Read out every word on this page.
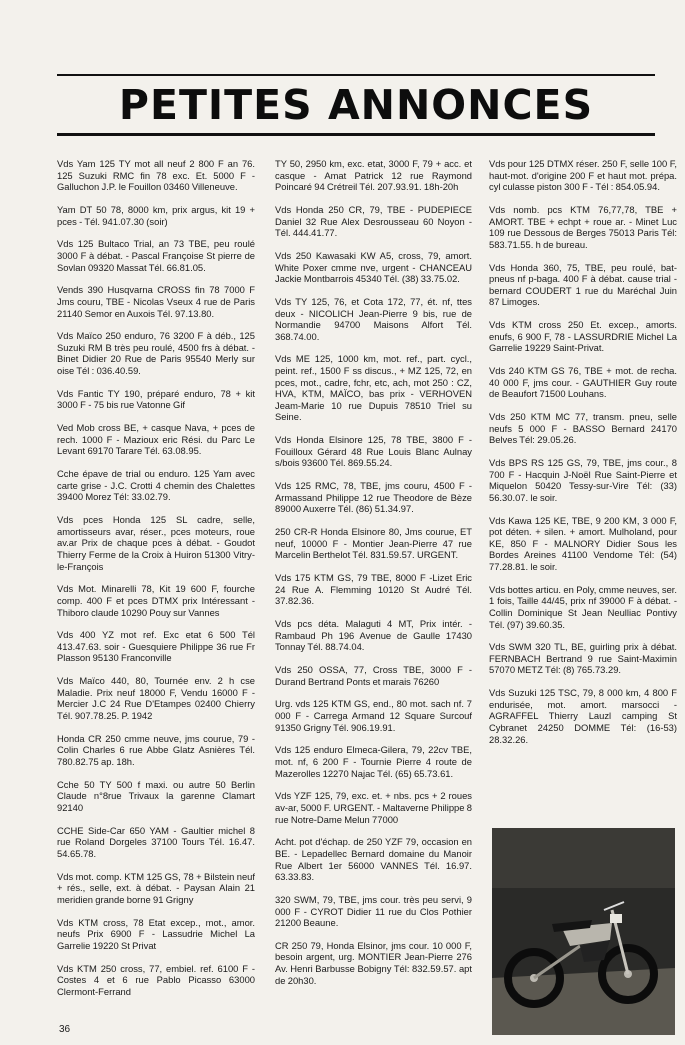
PETITES ANNONCES

Vds Yam 125 TY mot all neuf 2 800 F an 76. 125 Suzuki RMC fin 78 exc. Et. 5000 F - Galluchon J.P. le Fouillon 03460 Villeneuve.

Yam DT 50 78, 8000 km, prix argus, kit 19 + pces - Tél. 941.07.30 (soir)

Vds 125 Bultaco Trial, an 73 TBE, peu roulé 3000 F à débat. - Pascal Françoise St pierre de Sovlan 09320 Massat Tél. 66.81.05.

Vends 390 Husqvarna CROSS fin 78 7000 F Jms couru, TBE - Nicolas Vseux 4 rue de Paris 21140 Semor en Auxois Tél. 97.13.80.

Vds Maïco 250 enduro, 76 3200 F à déb., 125 Suzuki RM B très peu roulé, 4500 frs à débat. - Binet Didier 20 Rue de Paris 95540 Merly sur oise Tél : 036.40.59.

Vds Fantic TY 190, préparé enduro, 78 + kit 3000 F - 75 bis rue Vatonne Gif

Ved Mob cross BE, + casque Nava, + pces de rech. 1000 F - Mazioux eric Rési. du Parc Le Levant 69170 Tarare Tél. 63.08.95.

Cche épave de trial ou enduro. 125 Yam avec carte grise - J.C. Crotti 4 chemin des Chalettes 39400 Morez Tél: 33.02.79.

Vds pces Honda 125 SL cadre, selle, amortisseurs avar, réser., pces moteurs, roue av.ar Prix de chaque pces à débat. - Goudot Thierry Ferme de la Croix à Huiron 51300 Vitry-le-François

Vds Mot. Minarelli 78, Kit 19 600 F, fourche comp. 400 F et pces DTMX prix Intéressant - Thiboro claude 10290 Pouy sur Vannes

Vds 400 YZ mot ref. Exc etat 6 500 Tél 413.47.63. soir - Guesquiere Philippe 36 rue Fr Plasson 95130 Franconville

Vds Maïco 440, 80, Tournée env. 2 h cse Maladie. Prix neuf 18000 F, Vendu 16000 F - Mercier J.C 24 Rue D'Etampes 02400 Chierry Tél. 907.78.25. P. 1942

Honda CR 250 cmme neuve, jms courue, 79 - Colin Charles 6 rue Abbe Glatz Asnières Tél. 780.82.75 ap. 18h.

Cche 50 TY 500 f maxi. ou autre 50 Berlin Claude n°8rue Trivaux la garenne Clamart 92140

CCHE Side-Car 650 YAM - Gaultier michel 8 rue Roland Dorgeles 37100 Tours Tél. 16.47. 54.65.78.

Vds mot. comp. KTM 125 GS, 78 + Bilstein neuf + rés., selle, ext. à débat. - Paysan Alain 21 meridien grande borne 91 Grigny

Vds KTM cross, 78 Etat excep., mot., amor. neufs Prix 6900 F - Lassudrie Michel La Garrelie 19220 St Privat

Vds KTM 250 cross, 77, embiel. ref. 6100 F - Costes 4 et 6 rue Pablo Picasso 63000 Clermont-Ferrand

TY 50, 2950 km, exc. etat, 3000 F, 79 + acc. et casque - Amat Patrick 12 rue Raymond Poincaré 94 Crétreil Tél. 207.93.91. 18h-20h

Vds Honda 250 CR, 79, TBE - PUDEPIECE Daniel 32 Rue Alex Desrousseau 60 Noyon - Tél. 444.41.77.

Vds 250 Kawasaki KW A5, cross, 79, amort. White Poxer cmme nve, urgent - CHANCEAU Jackie Montbarrois 45340 Tél. (38) 33.75.02.

Vds TY 125, 76, et Cota 172, 77, ét. nf, ttes deux - NICOLICH Jean-Pierre 9 bis, rue de Normandie 94700 Maisons Alfort Tél. 368.74.00.

Vds ME 125, 1000 km, mot. ref., part. cycl., peint. ref., 1500 F ss discus., + MZ 125, 72, en pces, mot., cadre, fchr, etc, ach, mot 250 : CZ, HVA, KTM, MAÏCO, bas prix - VERHOVEN Jeam-Marie 10 rue Dupuis 78510 Triel su Seine.

Vds Honda Elsinore 125, 78 TBE, 3800 F - Fouilloux Gérard 48 Rue Louis Blanc Aulnay s/bois 93600 Tél. 869.55.24.

Vds 125 RMC, 78, TBE, jms couru, 4500 F - Armassand Philippe 12 rue Theodore de Bèze 89000 Auxerre Tél. (86) 51.34.97.

250 CR-R Honda Elsinore 80, Jms courue, ET neuf, 10000 F - Montier Jean-Pierre 47 rue Marcelin Berthelot Tél. 831.59.57. URGENT.

Vds 175 KTM GS, 79 TBE, 8000 F -Lizet Eric 24 Rue A. Flemming 10120 St Audré Tél. 37.82.36.

Vds pcs déta. Malaguti 4 MT, Prix intér. - Rambaud Ph 196 Avenue de Gaulle 17430 Tonnay Tél. 88.74.04.

Vds 250 OSSA, 77, Cross TBE, 3000 F - Durand Bertrand Ponts et marais 76260

Urg. vds 125 KTM GS, end., 80 mot. sach nf. 7 000 F - Carrega Armand 12 Square Surcouf 91350 Grigny Tél. 906.19.91.

Vds 125 enduro Elmeca-Gilera, 79, 22cv TBE, mot. nf, 6 200 F - Tournie Pierre 4 route de Mazerolles 12270 Najac Tél. (65) 65.73.61.

Vds YZF 125, 79, exc. et. + nbs. pcs + 2 roues av-ar, 5000 F. URGENT. - Maltaverne Philippe 8 rue Notre-Dame Melun 77000

Acht. pot d'échap. de 250 YZF 79, occasion en BE. - Lepadellec Bernard domaine du Manoir Rue Albert 1er 56000 VANNES Tél. 16.97. 63.33.83.

320 SWM, 79, TBE, jms cour. très peu servi, 9 000 F - CYROT Didier 11 rue du Clos Pothier 21200 Beaune.

CR 250 79, Honda Elsinor, jms cour. 10 000 F, besoin argent, urg. MONTIER Jean-Pierre 276 Av. Henri Barbusse Bobigny Tél: 832.59.57. apt de 20h30.

Vds pour 125 DTMX réser. 250 F, selle 100 F, haut-mot. d'origine 200 F et haut mot. prépa. cyl culasse piston 300 F - Tél : 854.05.94.

Vds nomb. pcs KTM 76,77,78, TBE + AMORT. TBE + echpt + roue ar. - Minet Luc 109 rue Dessous de Berges 75013 Paris Tél: 583.71.55. h de bureau.

Vds Honda 360, 75, TBE, peu roulé, bat-pneus nf p-baga. 400 F à débat. cause trial - bernard COUDERT 1 rue du Maréchal Juin 87 Limoges.

Vds KTM cross 250 Et. excep., amorts. enufs, 6 900 F, 78 - LASSURDRIE Michel La Garrelie 19229 Saint-Privat.

Vds 240 KTM GS 76, TBE + mot. de recha. 40 000 F, jms cour. - GAUTHIER Guy route de Beaufort 71500 Louhans.

Vds 250 KTM MC 77, transm. pneu, selle neufs 5 000 F - BASSO Bernard 24170 Belves Tél: 29.05.26.

Vds BPS RS 125 GS, 79, TBE, jms cour., 8 700 F - Hacquin J-Noël Rue Saint-Pierre et Miquelon 50420 Tessy-sur-Vire Tél: (33) 56.30.07. le soir.

Vds Kawa 125 KE, TBE, 9 200 KM, 3 000 F, pot déten. + silen. + amort. Mulholand, pour KE, 850 F - MALNORY Didier Sous les Bordes Areines 41100 Vendome Tél: (54) 77.28.81. le soir.

Vds bottes articu. en Poly, cmme neuves, ser. 1 fois, Taille 44/45, prix nf 39000 F à débat. - Collin Dominique St Jean Neulliac Pontivy Tél. (97) 39.60.35.

Vds SWM 320 TL, BE, guirling prix à débat. FERNBACH Bertrand 9 rue Saint-Maximin 57070 METZ Tél: (8) 765.73.29.

Vds Suzuki 125 TSC, 79, 8 000 km, 4 800 F endurisée, mot. amort. marsocci - AGRAFFEL Thierry Lauzl camping St Cybranet 24250 DOMME Tél: (16-53) 28.32.26.

36
